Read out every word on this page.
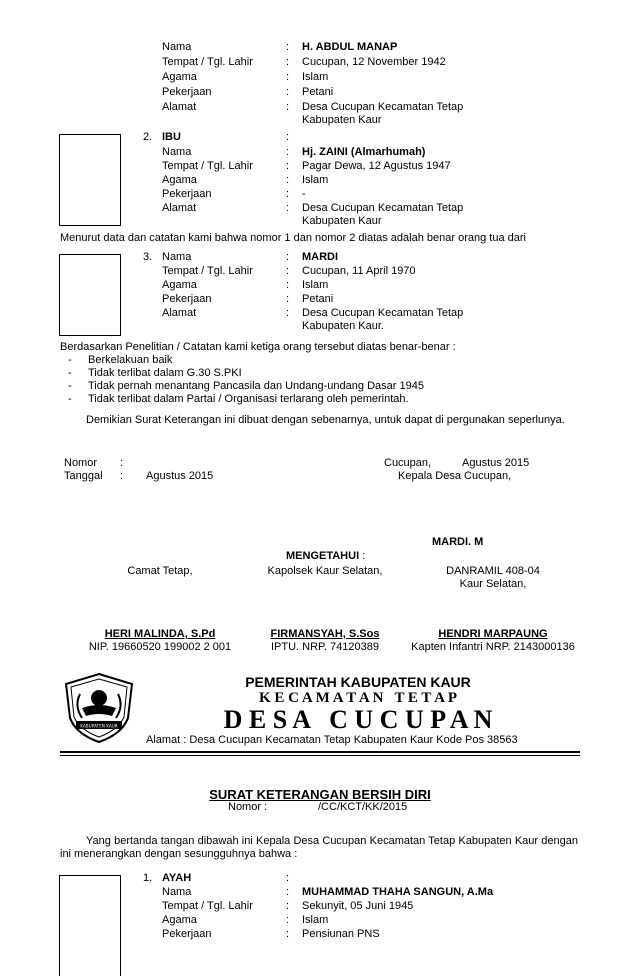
Nama	: H. ABDUL MANAP
Tempat / Tgl. Lahir	: Cucupan, 12 November 1942
Agama	: Islam
Pekerjaan	: Petani
Alamat	: Desa Cucupan Kecamatan Tetap
Kabupaten Kaur
2. IBU	:
Nama	: Hj. ZAINI (Almarhumah)
Tempat / Tgl. Lahir	: Pagar Dewa, 12 Agustus 1947
Agama	: Islam
Pekerjaan	: -
Alamat	: Desa Cucupan Kecamatan Tetap
Kabupaten Kaur
Menurut data dan catatan kami bahwa nomor 1 dan nomor 2 diatas adalah benar orang tua dari
3. Nama	: MARDI
Tempat / Tgl. Lahir	: Cucupan, 11 April 1970
Agama	: Islam
Pekerjaan	: Petani
Alamat	: Desa Cucupan Kecamatan Tetap
Kabupaten Kaur.
Berdasarkan Penelitian / Catatan kami ketiga orang tersebut diatas benar-benar :
- Berkelakuan baik
- Tidak terlibat dalam G.30 S.PKI
- Tidak pernah menantang Pancasila dan Undang-undang Dasar 1945
- Tidak terlibat dalam Partai / Organisasi terlarang oleh pemerintah.
Demikian Surat Keterangan ini dibuat dengan sebenarnya, untuk dapat di pergunakan seperlunya.
Nomor :
Tanggal : Agustus 2015
Cucupan,	Agustus 2015
Kepala Desa Cucupan,
MARDI. M
MENGETAHUI :
Camat Tetap,	Kapolsek Kaur Selatan,	DANRAMIL 408-04
Kaur Selatan,
HERI MALINDA, S.Pd	FIRMANSYAH, S.Sos	HENDRI MARPAUNG
NIP. 19660520 199002 2 001	IPTU. NRP. 74120389	Kapten Infantri NRP. 2143000136
KABUPATEN KAUR
PEMERINTAH KABUPATEN KAUR
K E C A M A T A N   T E T A P
D E S A   C U C U P A N
Alamat : Desa Cucupan Kecamatan Tetap Kabupaten Kaur Kode Pos 38563
SURAT KETERANGAN BERSIH DIRI
Nomor :	/CC/KCT/KK/2015
Yang bertanda tangan dibawah ini Kepala Desa Cucupan Kecamatan Tetap Kabupaten Kaur dengan ini menerangkan dengan sesungguhnya bahwa :
1. AYAH	:
Nama	: MUHAMMAD THAHA SANGUN, A.Ma
Tempat / Tgl. Lahir	: Sekunyit, 05 Juni 1945
Agama	: Islam
Pekerjaan	: Pensiunan PNS
